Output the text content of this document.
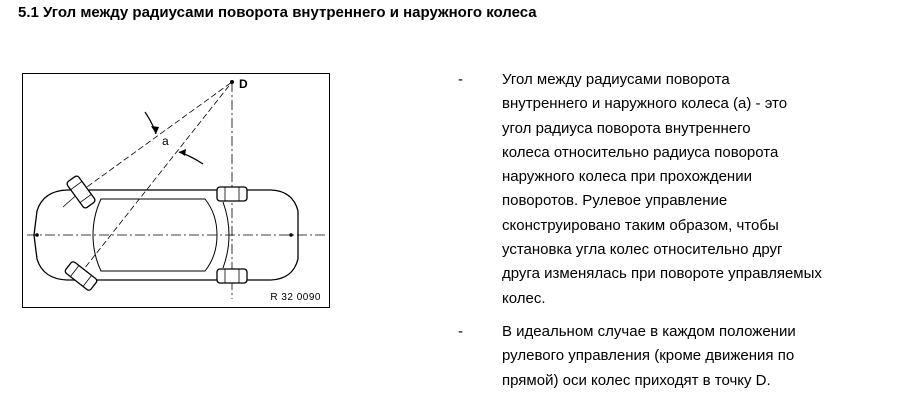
5.1 Угол между радиусами поворота внутреннего и наружного колеса
D
a
R 32 0090
-	Угол между радиусами поворота
внутреннего и наружного колеса (а) - это
угол радиуса поворота внутреннего
колеса относительно радиуса поворота
наружного колеса при прохождении
поворотов. Рулевое управление
сконструировано таким образом, чтобы
установка угла колес относительно друг
друга изменялась при повороте управляемых
колес.
-	В идеальном случае в каждом положении
рулевого управления (кроме движения по
прямой) оси колес приходят в точку D.
